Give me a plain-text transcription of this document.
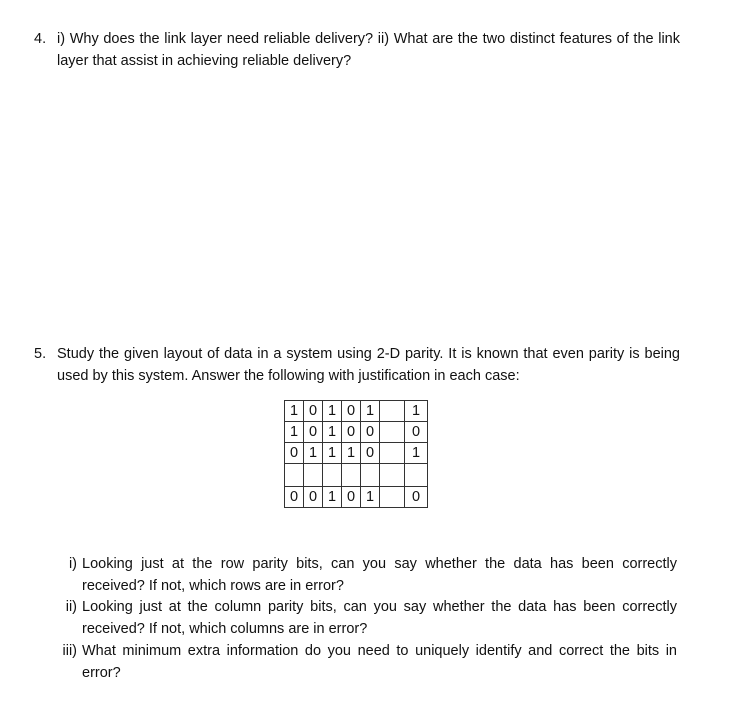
4. i) Why does the link layer need reliable delivery? ii) What are the two distinct features of the link layer that assist in achieving reliable delivery?
5. Study the given layout of data in a system using 2-D parity. It is known that even parity is being used by this system. Answer the following with justification in each case:
1	0	1	0	1		1
1	0	1	0	0		0
0	1	1	1	0		1

0	0	1	0	1		0
i) Looking just at the row parity bits, can you say whether the data has been correctly received? If not, which rows are in error?
ii) Looking just at the column parity bits, can you say whether the data has been correctly received? If not, which columns are in error?
iii) What minimum extra information do you need to uniquely identify and correct the bits in error?
